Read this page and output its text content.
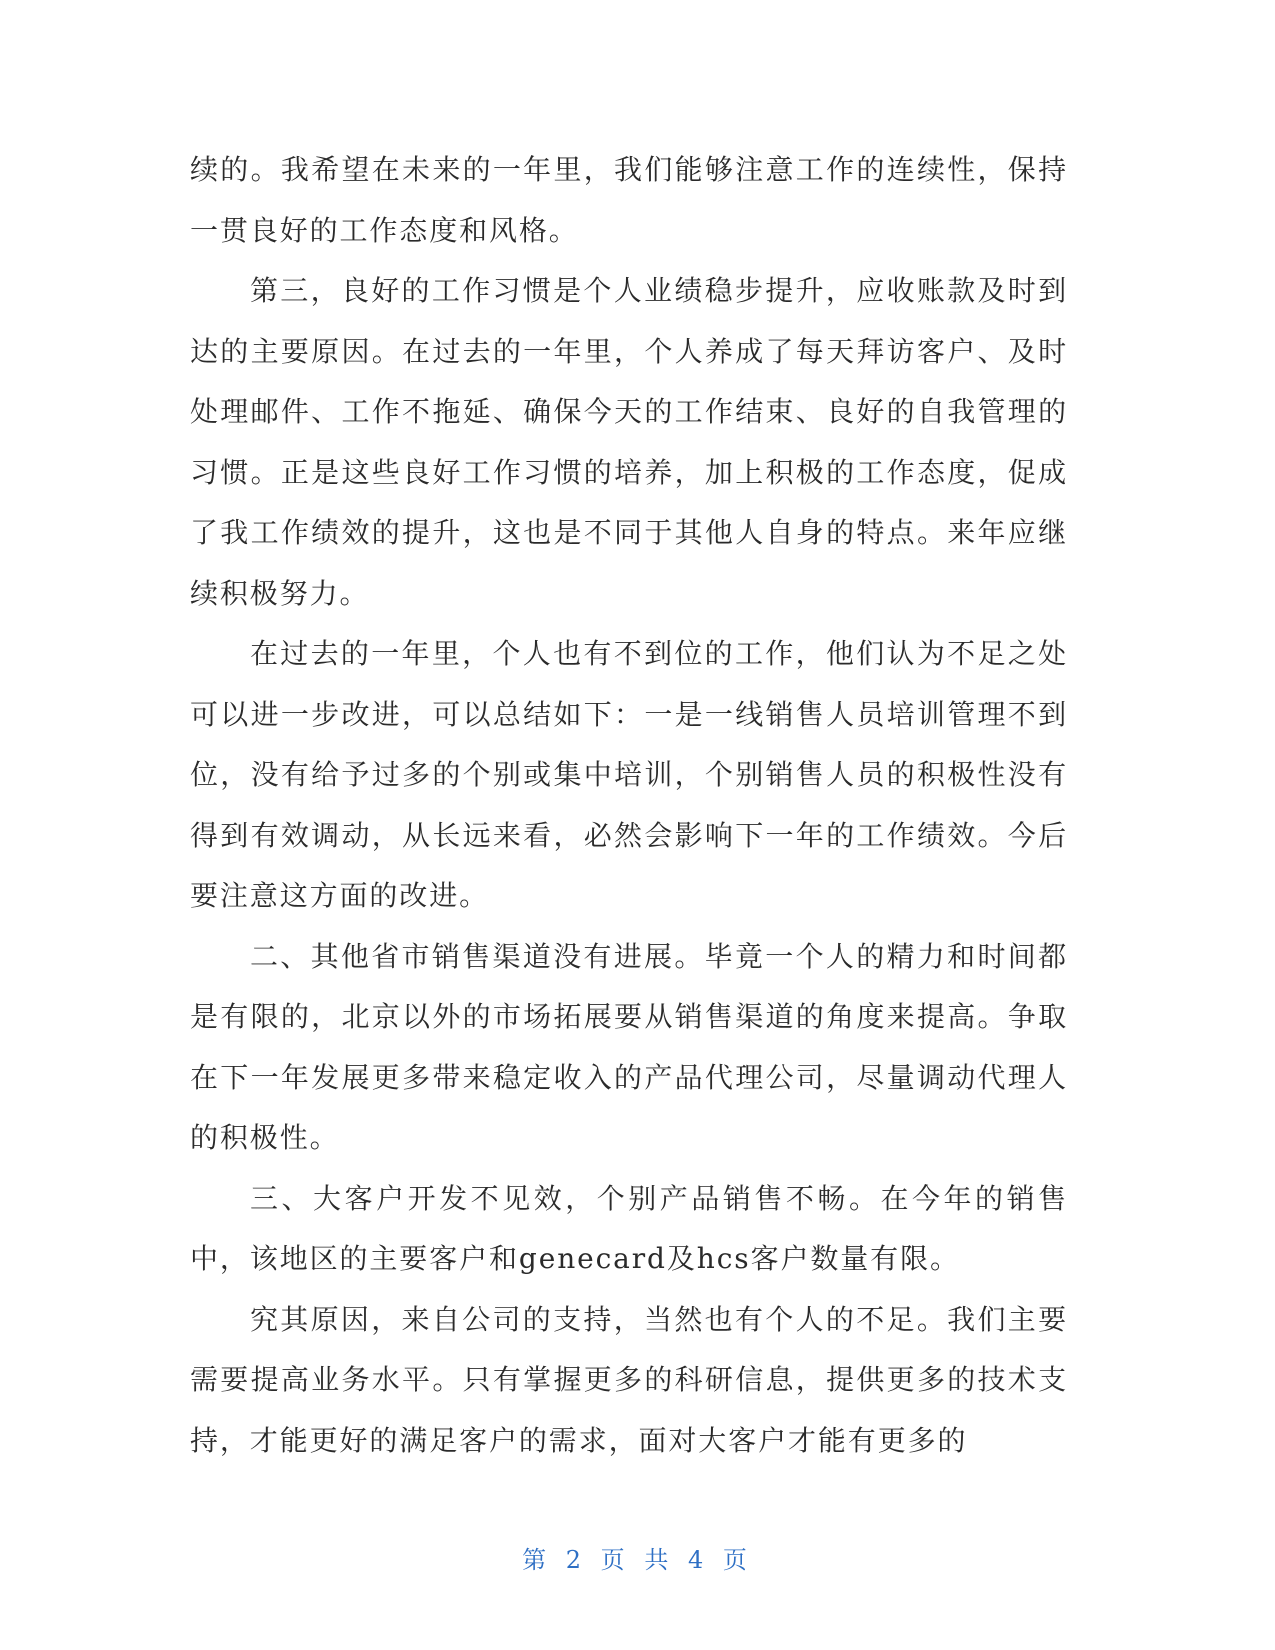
续的。我希望在未来的一年里，我们能够注意工作的连续性，保持一贯良好的工作态度和风格。

第三，良好的工作习惯是个人业绩稳步提升，应收账款及时到达的主要原因。在过去的一年里，个人养成了每天拜访客户、及时处理邮件、工作不拖延、确保今天的工作结束、良好的自我管理的习惯。正是这些良好工作习惯的培养，加上积极的工作态度，促成了我工作绩效的提升，这也是不同于其他人自身的特点。来年应继续积极努力。

在过去的一年里，个人也有不到位的工作，他们认为不足之处可以进一步改进，可以总结如下：一是一线销售人员培训管理不到位，没有给予过多的个别或集中培训，个别销售人员的积极性没有得到有效调动，从长远来看，必然会影响下一年的工作绩效。今后要注意这方面的改进。

二、其他省市销售渠道没有进展。毕竟一个人的精力和时间都是有限的，北京以外的市场拓展要从销售渠道的角度来提高。争取在下一年发展更多带来稳定收入的产品代理公司，尽量调动代理人的积极性。

三、大客户开发不见效，个别产品销售不畅。在今年的销售中，该地区的主要客户和genecard及hcs客户数量有限。

究其原因，来自公司的支持，当然也有个人的不足。我们主要需要提高业务水平。只有掌握更多的科研信息，提供更多的技术支持，才能更好的满足客户的需求，面对大客户才能有更多的

第 2 页 共 4 页
